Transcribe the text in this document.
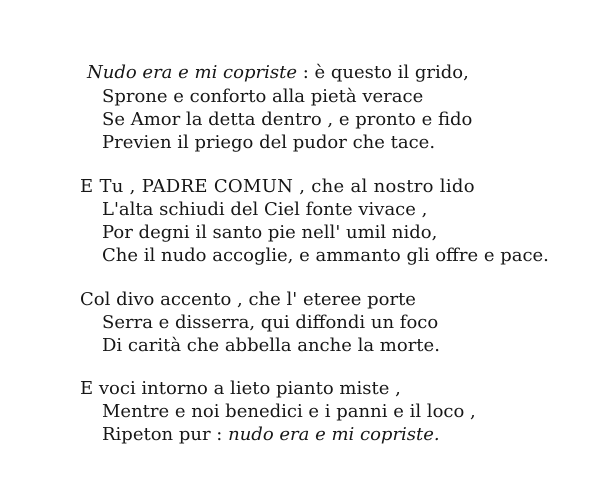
Nudo era e mi copriste : è questo il grido,
Sprone e conforto alla pietà verace
Se Amor la detta dentro , e pronto e fido
Previen il priego del pudor che tace.
E Tu , PADRE COMUN , che al nostro lido
L'alta schiudi del Ciel fonte vivace ,
Por degni il santo pie nell' umil nido,
Che il nudo accoglie, e ammanto gli offre e pace.
Col divo accento , che l' eteree porte
Serra e disserra, qui diffondi un foco
Di carità che abbella anche la morte.
E voci intorno a lieto pianto miste ,
Mentre e noi benedici e i panni e il loco ,
Ripeton pur : nudo era e mi copriste.
